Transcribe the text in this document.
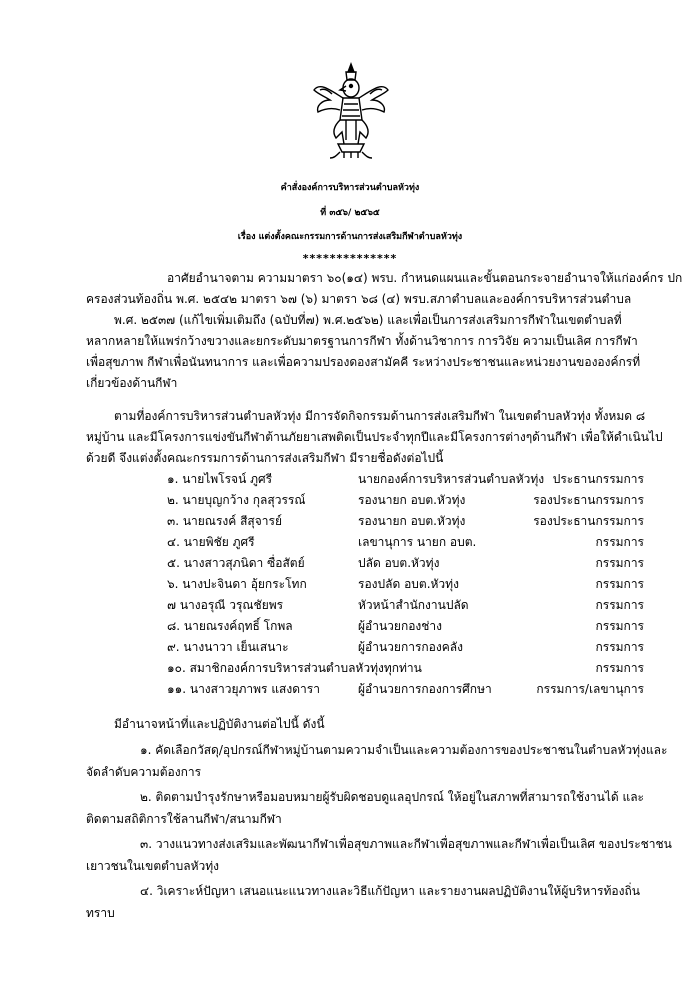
คำสั่งองค์การบริหารส่วนตำบลหัวทุ่ง
ที่ ๓๕๖/ ๒๕๖๕
เรื่อง แต่งตั้งคณะกรรมการด้านการส่งเสริมกีฬาตำบลหัวทุ่ง
**************
อาศัยอำนาจตาม ความมาตรา ๖๐(๑๔) พรบ. กำหนดแผนและขั้นตอนกระจายอำนาจให้แก่องค์กร ปก
ครองส่วนท้องถิ่น พ.ศ. ๒๕๔๒ มาตรา ๖๗ (๖) มาตรา ๖๘ (๔) พรบ.สภาตำบลและองค์การบริหารส่วนตำบล
พ.ศ. ๒๕๓๗ (แก้ไขเพิ่มเติมถึง (ฉบับที่๗) พ.ศ.๒๕๖๒) และเพื่อเป็นการส่งเสริมการกีฬาในเขตตำบลที่
หลากหลายให้แพร่กว้างขวางและยกระดับมาตรฐานการกีฬา ทั้งด้านวิชาการ การวิจัย ความเป็นเลิศ การกีฬา
เพื่อสุขภาพ กีฬาเพื่อนันทนาการ และเพื่อความปรองดองสามัคคี ระหว่างประชาชนและหน่วยงานขององค์กรที่
เกี่ยวข้องด้านกีฬา
ตามที่องค์การบริหารส่วนตำบลหัวทุ่ง มีการจัดกิจกรรมด้านการส่งเสริมกีฬา ในเขตตำบลหัวทุ่ง ทั้งหมด ๘
หมู่บ้าน และมีโครงการแข่งขันกีฬาต้านภัยยาเสพติดเป็นประจำทุกปีและมีโครงการต่างๆด้านกีฬา เพื่อให้ดำเนินไป
ด้วยดี จึงแต่งตั้งคณะกรรมการด้านการส่งเสริมกีฬา มีรายชื่อดังต่อไปนี้
๑. นายไพโรจน์ ภูศรี	นายกองค์การบริหารส่วนตำบลหัวทุ่ง ประธานกรรมการ
๒. นายบุญกว้าง กุลสุวรรณ์	รองนายก อบต.หัวทุ่ง	รองประธานกรรมการ
๓. นายณรงค์ สีสุจารย์	รองนายก อบต.หัวทุ่ง	รองประธานกรรมการ
๔. นายพิชัย ภูศรี	เลขานุการ นายก อบต.	กรรมการ
๕. นางสาวสุภนิดา ซื่อสัตย์	ปลัด อบต.หัวทุ่ง	กรรมการ
๖. นางปะจินดา อุ้ยกระโทก	รองปลัด อบต.หัวทุ่ง	กรรมการ
๗ นางอรุณี วรุณชัยพร	หัวหน้าสำนักงานปลัด	กรรมการ
๘. นายณรงค์ฤทธิ์ โกพล	ผู้อำนวยกองช่าง	กรรมการ
๙. นางนาวา เย็นเสนาะ	ผู้อำนวยการกองคลัง	กรรมการ
๑๐. สมาชิกองค์การบริหารส่วนตำบลหัวทุ่งทุกท่าน	กรรมการ
๑๑. นางสาวยุภาพร แสงดารา	ผู้อำนวยการกองการศึกษา	กรรมการ/เลขานุการ
มีอำนาจหน้าที่และปฏิบัติงานต่อไปนี้ ดังนี้
๑. คัดเลือกวัสดุ/อุปกรณ์กีฬาหมู่บ้านตามความจำเป็นและความต้องการของประชาชนในตำบลหัวทุ่งและ
จัดลำดับความต้องการ
๒. ติดตามบำรุงรักษาหรือมอบหมายผู้รับผิดชอบดูแลอุปกรณ์ ให้อยู่ในสภาพที่สามารถใช้งานได้ และ
ติดตามสถิติการใช้ลานกีฬา/สนามกีฬา
๓. วางแนวทางส่งเสริมและพัฒนากีฬาเพื่อสุขภาพและกีฬาเพื่อสุขภาพและกีฬาเพื่อเป็นเลิศ ของประชาชน
เยาวชนในเขตตำบลหัวทุ่ง
๔. วิเคราะห์ปัญหา เสนอแนะแนวทางและวิธีแก้ปัญหา และรายงานผลปฏิบัติงานให้ผู้บริหารท้องถิ่น
ทราบ
